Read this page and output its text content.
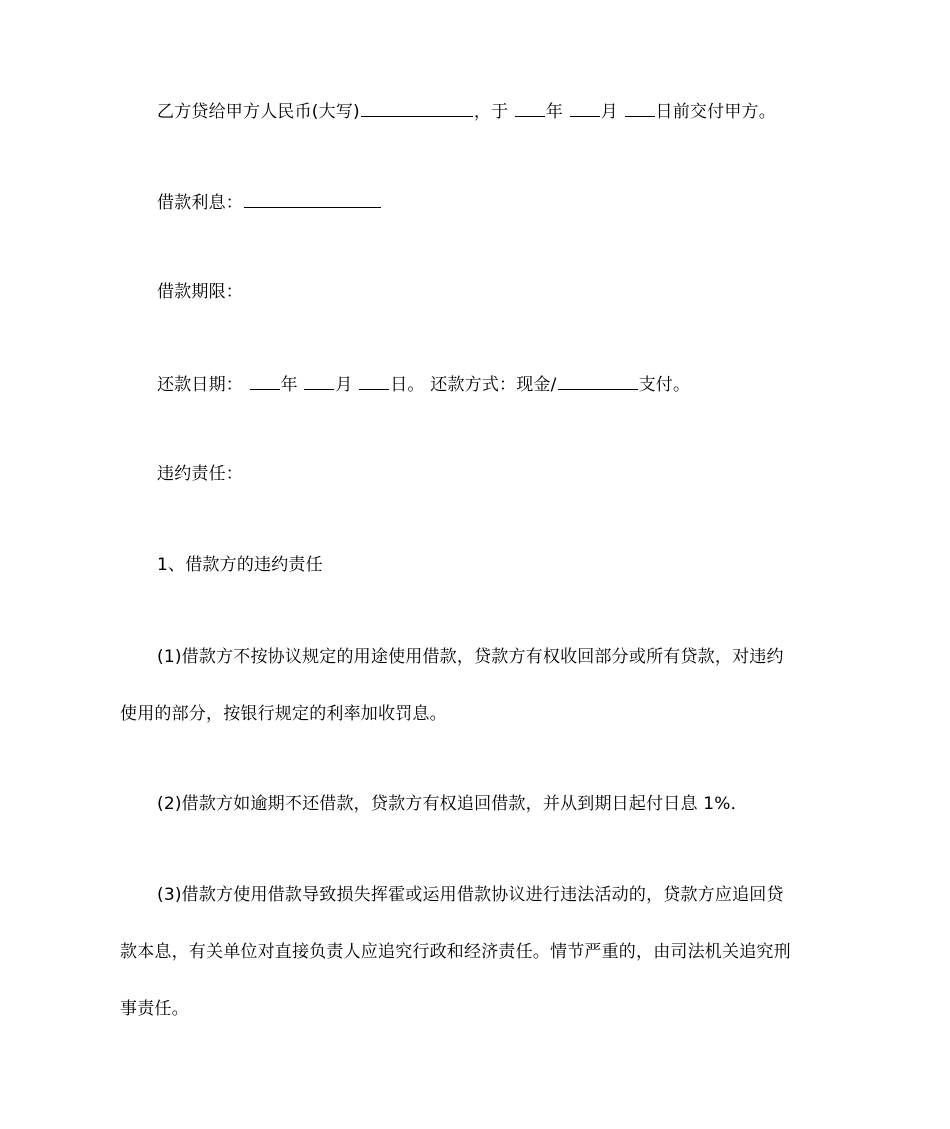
乙方贷给甲方人民币(大写)	，于 年 月 日前交付甲方。
借款利息：
借款期限：
还款日期： 年 月 日。 还款方式：现金/	支付。
违约责任：
1、借款方的违约责任
(1)借款方不按协议规定的用途使用借款，贷款方有权收回部分或所有贷款，对违约
使用的部分，按银行规定的利率加收罚息。
(2)借款方如逾期不还借款，贷款方有权追回借款，并从到期日起付日息 1%．
(3)借款方使用借款导致损失挥霍或运用借款协议进行违法活动的，贷款方应追回贷
款本息，有关单位对直接负责人应追究行政和经济责任。情节严重的，由司法机关追究刑
事责任。
